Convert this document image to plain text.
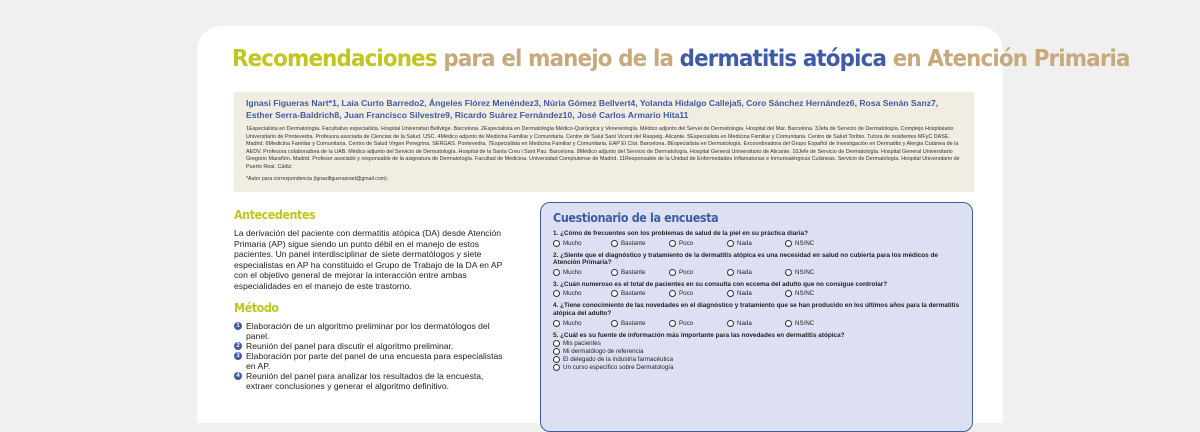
Recomendaciones para el manejo de la dermatitis atópica en Atención Primaria
Ignasi Figueras Nart*1, Laia Curto Barredo2, Ángeles Flórez Menéndez3, Núria Gómez Bellvert4, Yolanda Hidalgo Calleja5, Coro Sánchez Hernández6, Rosa Senán Sanz7, Esther Serra-Baldrich8, Juan Francisco Silvestre9, Ricardo Suárez Fernández10, José Carlos Armario Hita11
1Especialista en Dermatología. Facultativo especialista. Hospital Universitari Bellvitge. Barcelona. 2Especialista en Dermatología Médico-Quirúrgica y Venereología. Médico adjunto del Servei de Dermatologia. Hospital del Mar. Barcelona. 3Jefa de Servicio de Dermatología. Complejo Hospitalario Universitario de Pontevedra. Profesora asociada de Ciencias de la Salud. USC. 4Médico adjunto de Medicina Familiar y Comunitaria. Centre de Salut Sant Vicent del Raspeig. Alicante. 5Especialista en Medicina Familiar y Comunitaria. Centro de Salud Toribio. Tutora de residentes MFyC DASE. Madrid. 6Medicina Familiar y Comunitaria. Centro de Salud Virgen Peregrina. SERGAS. Pontevedra. 7Especialista en Medicina Familiar y Comunitaria. EAP El Clot. Barcelona. 8Especialista en Dermatología. Excoordinadora del Grupo Español de Investigación en Dermatitis y Alergia Cutánea de la AEDV. Profesora colaboradora de la UAB. Médico adjunto del Servicio de Dermatología. Hospital de la Santa Creu i Sant Pau. Barcelona. 9Médico adjunto del Servicio de Dermatología. Hospital General Universitario de Alicante. 10Jefe de Servicio de Dermatología. Hospital General Universitario Gregorio Marañón. Madrid. Profesor asociado y responsable de la asignatura de Dermatología. Facultad de Medicina. Universidad Complutense de Madrid. 11Responsable de la Unidad de Enfermedades Inflamatorias e Inmunoalérgicas Cutáneas. Servicio de Dermatología. Hospital Universitario de Puerto Real. Cádiz.
*Autor para correspondencia (ignasifiguerasnart@gmail.com).
Antecedentes

La derivación del paciente con dermatitis atópica (DA) desde Atención Primaria (AP) sigue siendo un punto débil en el manejo de estos pacientes. Un panel interdisciplinar de siete dermatólogos y siete especialistas en AP ha constituido el Grupo de Trabajo de la DA en AP con el objetivo general de mejorar la interacción entre ambas especialidades en el manejo de este trastorno.

Método
1 Elaboración de un algoritmo preliminar por los dermatólogos del panel.
2 Reunión del panel para discutir el algoritmo preliminar.
3 Elaboración por parte del panel de una encuesta para especialistas en AP.
4 Reunión del panel para analizar los resultados de la encuesta, extraer conclusiones y generar el algoritmo definitivo.
Cuestionario de la encuesta
1. ¿Cómo de frecuentes son los problemas de salud de la piel en su práctica diaria?
Mucho	Bastante	Poco	Nada	NS/NC
2. ¿Siente que el diagnóstico y tratamiento de la dermatitis atópica es una necesidad en salud no cubierta para los médicos de Atención Primaria?
Mucho	Bastante	Poco	Nada	NS/NC
3. ¿Cuán numeroso es el total de pacientes en su consulta con eccema del adulto que no consigue controlar?
Mucho	Bastante	Poco	Nada	NS/NC
4. ¿Tiene conocimiento de las novedades en el diagnóstico y tratamiento que se han producido en los últimos años para la dermatitis atópica del adulto?
Mucho	Bastante	Poco	Nada	NS/NC
5. ¿Cuál es su fuente de información más importante para las novedades en dermatitis atópica?
Mis pacientes
Mi dermatólogo de referencia
El delegado de la industria farmacéutica
Un curso específico sobre Dermatología
